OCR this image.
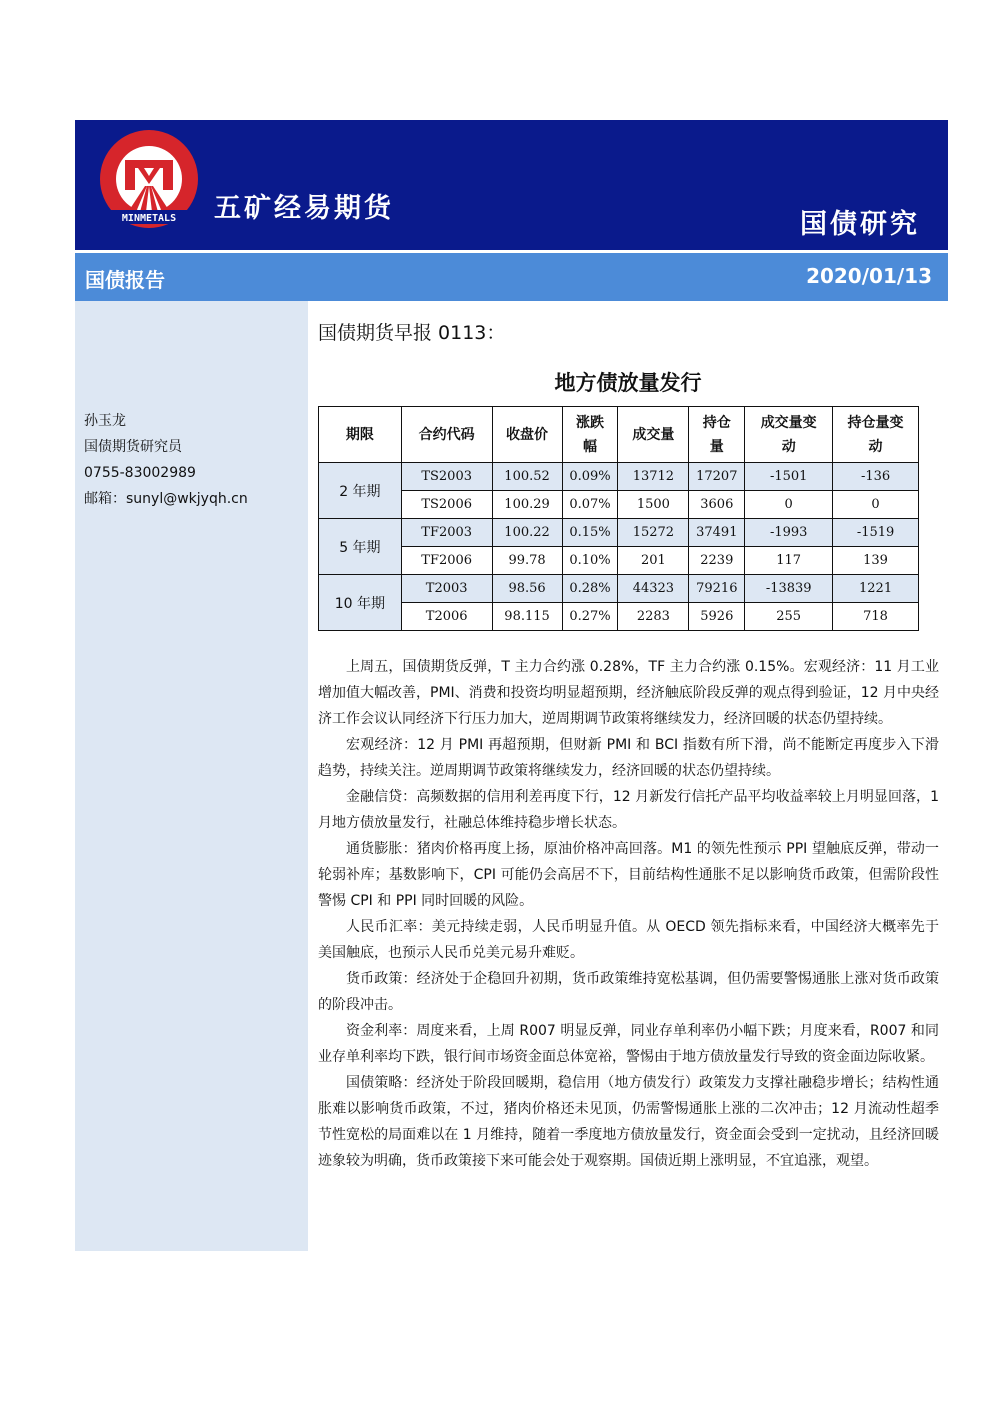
MINMETALS 五矿经易期货
国债研究
国债报告	2020/01/13
孙玉龙
国债期货研究员
0755-83002989
邮箱：sunyl@wkjyqh.cn
国债期货早报 0113：
地方债放量发行
期限	合约代码	收盘价	涨跌幅	成交量	持仓量	成交量变动	持仓量变动
2 年期	TS2003	100.52	0.09%	13712	17207	-1501	-136
	TS2006	100.29	0.07%	1500	3606	0	0
5 年期	TF2003	100.22	0.15%	15272	37491	-1993	-1519
	TF2006	99.78	0.10%	201	2239	117	139
10 年期	T2003	98.56	0.28%	44323	79216	-13839	1221
	T2006	98.115	0.27%	2283	5926	255	718

上周五，国债期货反弹，T 主力合约涨 0.28%，TF 主力合约涨 0.15%。宏观经济：11 月工业增加值大幅改善，PMI、消费和投资均明显超预期，经济触底阶段反弹的观点得到验证，12 月中央经济工作会议认同经济下行压力加大，逆周期调节政策将继续发力，经济回暖的状态仍望持续。

宏观经济：12 月 PMI 再超预期，但财新 PMI 和 BCI 指数有所下滑，尚不能断定再度步入下滑趋势，持续关注。逆周期调节政策将继续发力，经济回暖的状态仍望持续。

金融信贷：高频数据的信用利差再度下行，12 月新发行信托产品平均收益率较上月明显回落，1 月地方债放量发行，社融总体维持稳步增长状态。

通货膨胀：猪肉价格再度上扬，原油价格冲高回落。M1 的领先性预示 PPI 望触底反弹，带动一轮弱补库；基数影响下，CPI 可能仍会高居不下，目前结构性通胀不足以影响货币政策，但需阶段性警惕 CPI 和 PPI 同时回暖的风险。

人民币汇率：美元持续走弱，人民币明显升值。从 OECD 领先指标来看，中国经济大概率先于美国触底，也预示人民币兑美元易升难贬。

货币政策：经济处于企稳回升初期，货币政策维持宽松基调，但仍需要警惕通胀上涨对货币政策的阶段冲击。

资金利率：周度来看，上周 R007 明显反弹，同业存单利率仍小幅下跌；月度来看，R007 和同业存单利率均下跌，银行间市场资金面总体宽裕，警惕由于地方债放量发行导致的资金面边际收紧。

国债策略：经济处于阶段回暖期，稳信用（地方债发行）政策发力支撑社融稳步增长；结构性通胀难以影响货币政策，不过，猪肉价格还未见顶，仍需警惕通胀上涨的二次冲击；12 月流动性超季节性宽松的局面难以在 1 月维持，随着一季度地方债放量发行，资金面会受到一定扰动，且经济回暖迹象较为明确，货币政策接下来可能会处于观察期。国债近期上涨明显，不宜追涨，观望。
